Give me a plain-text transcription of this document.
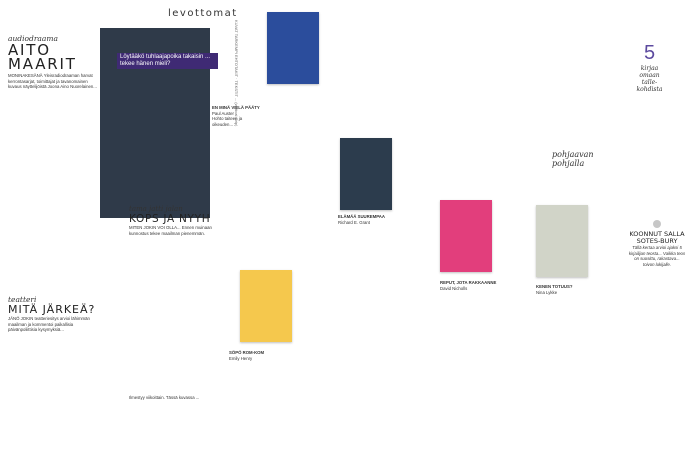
levottomat
audiodraama
AITO MAARIT
MONINAKESÄNÄ Yleisradiodraaman harvat kerrontasarjat, toimittajat ja tavanomainen kuvaus näyttelijöistä Joona Aino Nuorelainen...
teatteri
MITÄ JÄRKEÄ?
JÄNÖ JOKIN teatteriesitys arvioi lähimmän maailman ja kommentoi paikallisia päivänpoliittisia kysymyksiä...
Löytääkö tuhlaajapoika takaisin ... tekee hänen mieli?
tama jatti jalan
KOPS JA NYYH
MITEN JOKIN VOI OLLA... Ennen muinaan kunnostus tekee maailman pienemmän.
EN MINÄ VIELÄ PÄÄTY
Paul Auster
Hohto taiteen ja oikeuden...
ELÄMÄÄ SUUREMPAA
Richard E. Grant
SÖPÖ ROM-KOM
Emily Henry
REPUT, JOTA RAKKAANNE
David Nicholls	KENEN TOTUUS?
Nina Lykke
5
kirjaa
omaan
talle-
kohdista
pohjaavan
pohjalla
KOONNUT SALLA SOTES-BURY
Tällä kertaa arvioi ajaksi 5 kirjailijan teosta... Vaikka teos on suosittu, rakastava... toivon lukijalle.
Ilmestyy viikoittain. Tässä kuvassa ...
KUVAT TARKEMPI EHTOTAKIT · TEKSTIT ... (vertical strip)
